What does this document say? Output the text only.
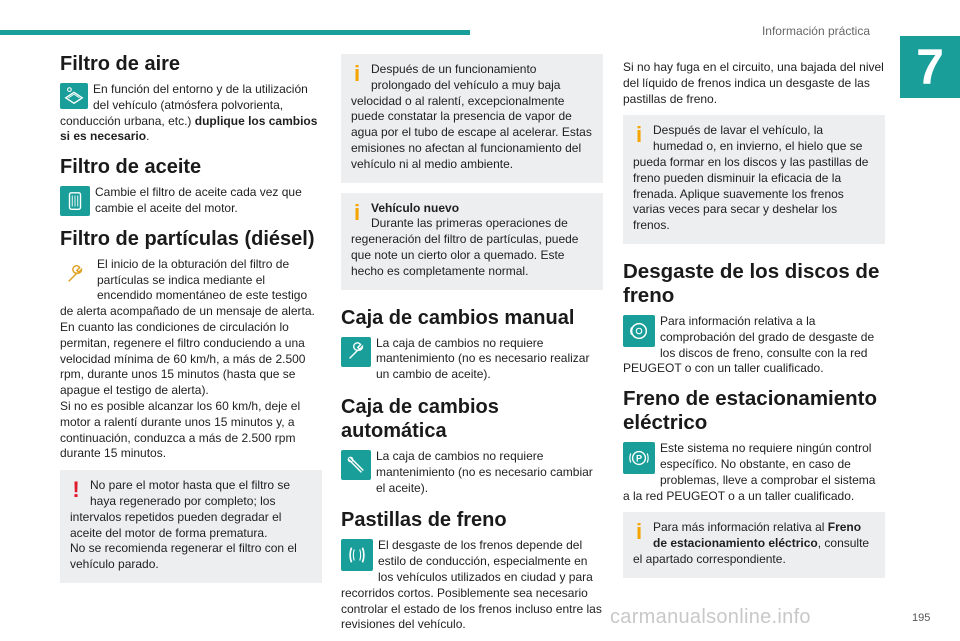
Información práctica
7
Filtro de aire

En función del entorno y de la utilización del vehículo (atmósfera polvorienta, conducción urbana, etc.) duplique los cambios si es necesario.

Filtro de aceite

Cambie el filtro de aceite cada vez que cambie el aceite del motor.

Filtro de partículas (diésel)

El inicio de la obturación del filtro de partículas se indica mediante el encendido momentáneo de este testigo de alerta acompañado de un mensaje de alerta.

En cuanto las condiciones de circulación lo permitan, regenere el filtro conduciendo a una velocidad mínima de 60 km/h, a más de 2.500 rpm, durante unos 15 minutos (hasta que se apague el testigo de alerta).

Si no es posible alcanzar los 60 km/h, deje el motor a ralentí durante unos 15 minutos y, a continuación, conduzca a más de 2.500 rpm durante 15 minutos.

! No pare el motor hasta que el filtro se haya regenerado por completo; los intervalos repetidos pueden degradar el aceite del motor de forma prematura.

No se recomienda regenerar el filtro con el vehículo parado.

i Después de un funcionamiento prolongado del vehículo a muy baja velocidad o al ralentí, excepcionalmente puede constatar la presencia de vapor de agua por el tubo de escape al acelerar. Estas emisiones no afectan al funcionamiento del vehículo ni al medio ambiente.

i Vehículo nuevo

Durante las primeras operaciones de regeneración del filtro de partículas, puede que note un cierto olor a quemado. Este hecho es completamente normal.

Caja de cambios manual

La caja de cambios no requiere mantenimiento (no es necesario realizar un cambio de aceite).

Caja de cambios automática

La caja de cambios no requiere mantenimiento (no es necesario cambiar el aceite).

Pastillas de freno

El desgaste de los frenos depende del estilo de conducción, especialmente en los vehículos utilizados en ciudad y para recorridos cortos. Posiblemente sea necesario controlar el estado de los frenos incluso entre las revisiones del vehículo.

Si no hay fuga en el circuito, una bajada del nivel del líquido de frenos indica un desgaste de las pastillas de freno.

i Después de lavar el vehículo, la humedad o, en invierno, el hielo que se pueda formar en los discos y las pastillas de freno pueden disminuir la eficacia de la frenada. Aplique suavemente los frenos varias veces para secar y deshelar los frenos.

Desgaste de los discos de freno

Para información relativa a la comprobación del grado de desgaste de los discos de freno, consulte con la red PEUGEOT o con un taller cualificado.

Freno de estacionamiento eléctrico
P

Este sistema no requiere ningún control específico. No obstante, en caso de problemas, lleve a comprobar el sistema a la red PEUGEOT o a un taller cualificado.

i Para más información relativa al Freno de estacionamiento eléctrico, consulte el apartado correspondiente.

carmanualsonline.info	195
